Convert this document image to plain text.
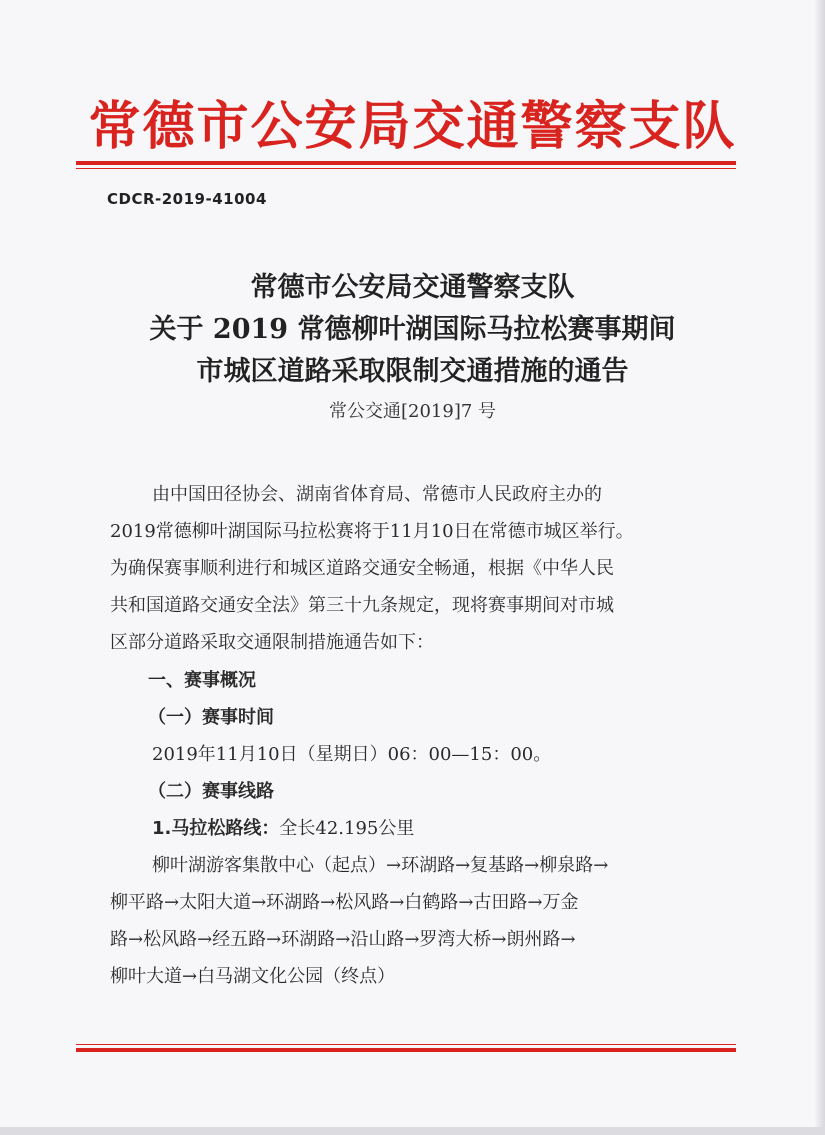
常德市公安局交通警察支队
CDCR-2019-41004
常德市公安局交通警察支队
关于 2019 常德柳叶湖国际马拉松赛事期间
市城区道路采取限制交通措施的通告
常公交通[2019]7 号
由中国田径协会、湖南省体育局、常德市人民政府主办的
2019常德柳叶湖国际马拉松赛将于11月10日在常德市城区举行。
为确保赛事顺利进行和城区道路交通安全畅通，根据《中华人民
共和国道路交通安全法》第三十九条规定，现将赛事期间对市城
区部分道路采取交通限制措施通告如下：
一、赛事概况
（一）赛事时间
2019年11月10日（星期日）06：00—15：00。
（二）赛事线路
1.马拉松路线：全长42.195公里
柳叶湖游客集散中心（起点）→环湖路→复基路→柳泉路→
柳平路→太阳大道→环湖路→松风路→白鹤路→古田路→万金
路→松风路→经五路→环湖路→沿山路→罗湾大桥→朗州路→
柳叶大道→白马湖文化公园（终点）
